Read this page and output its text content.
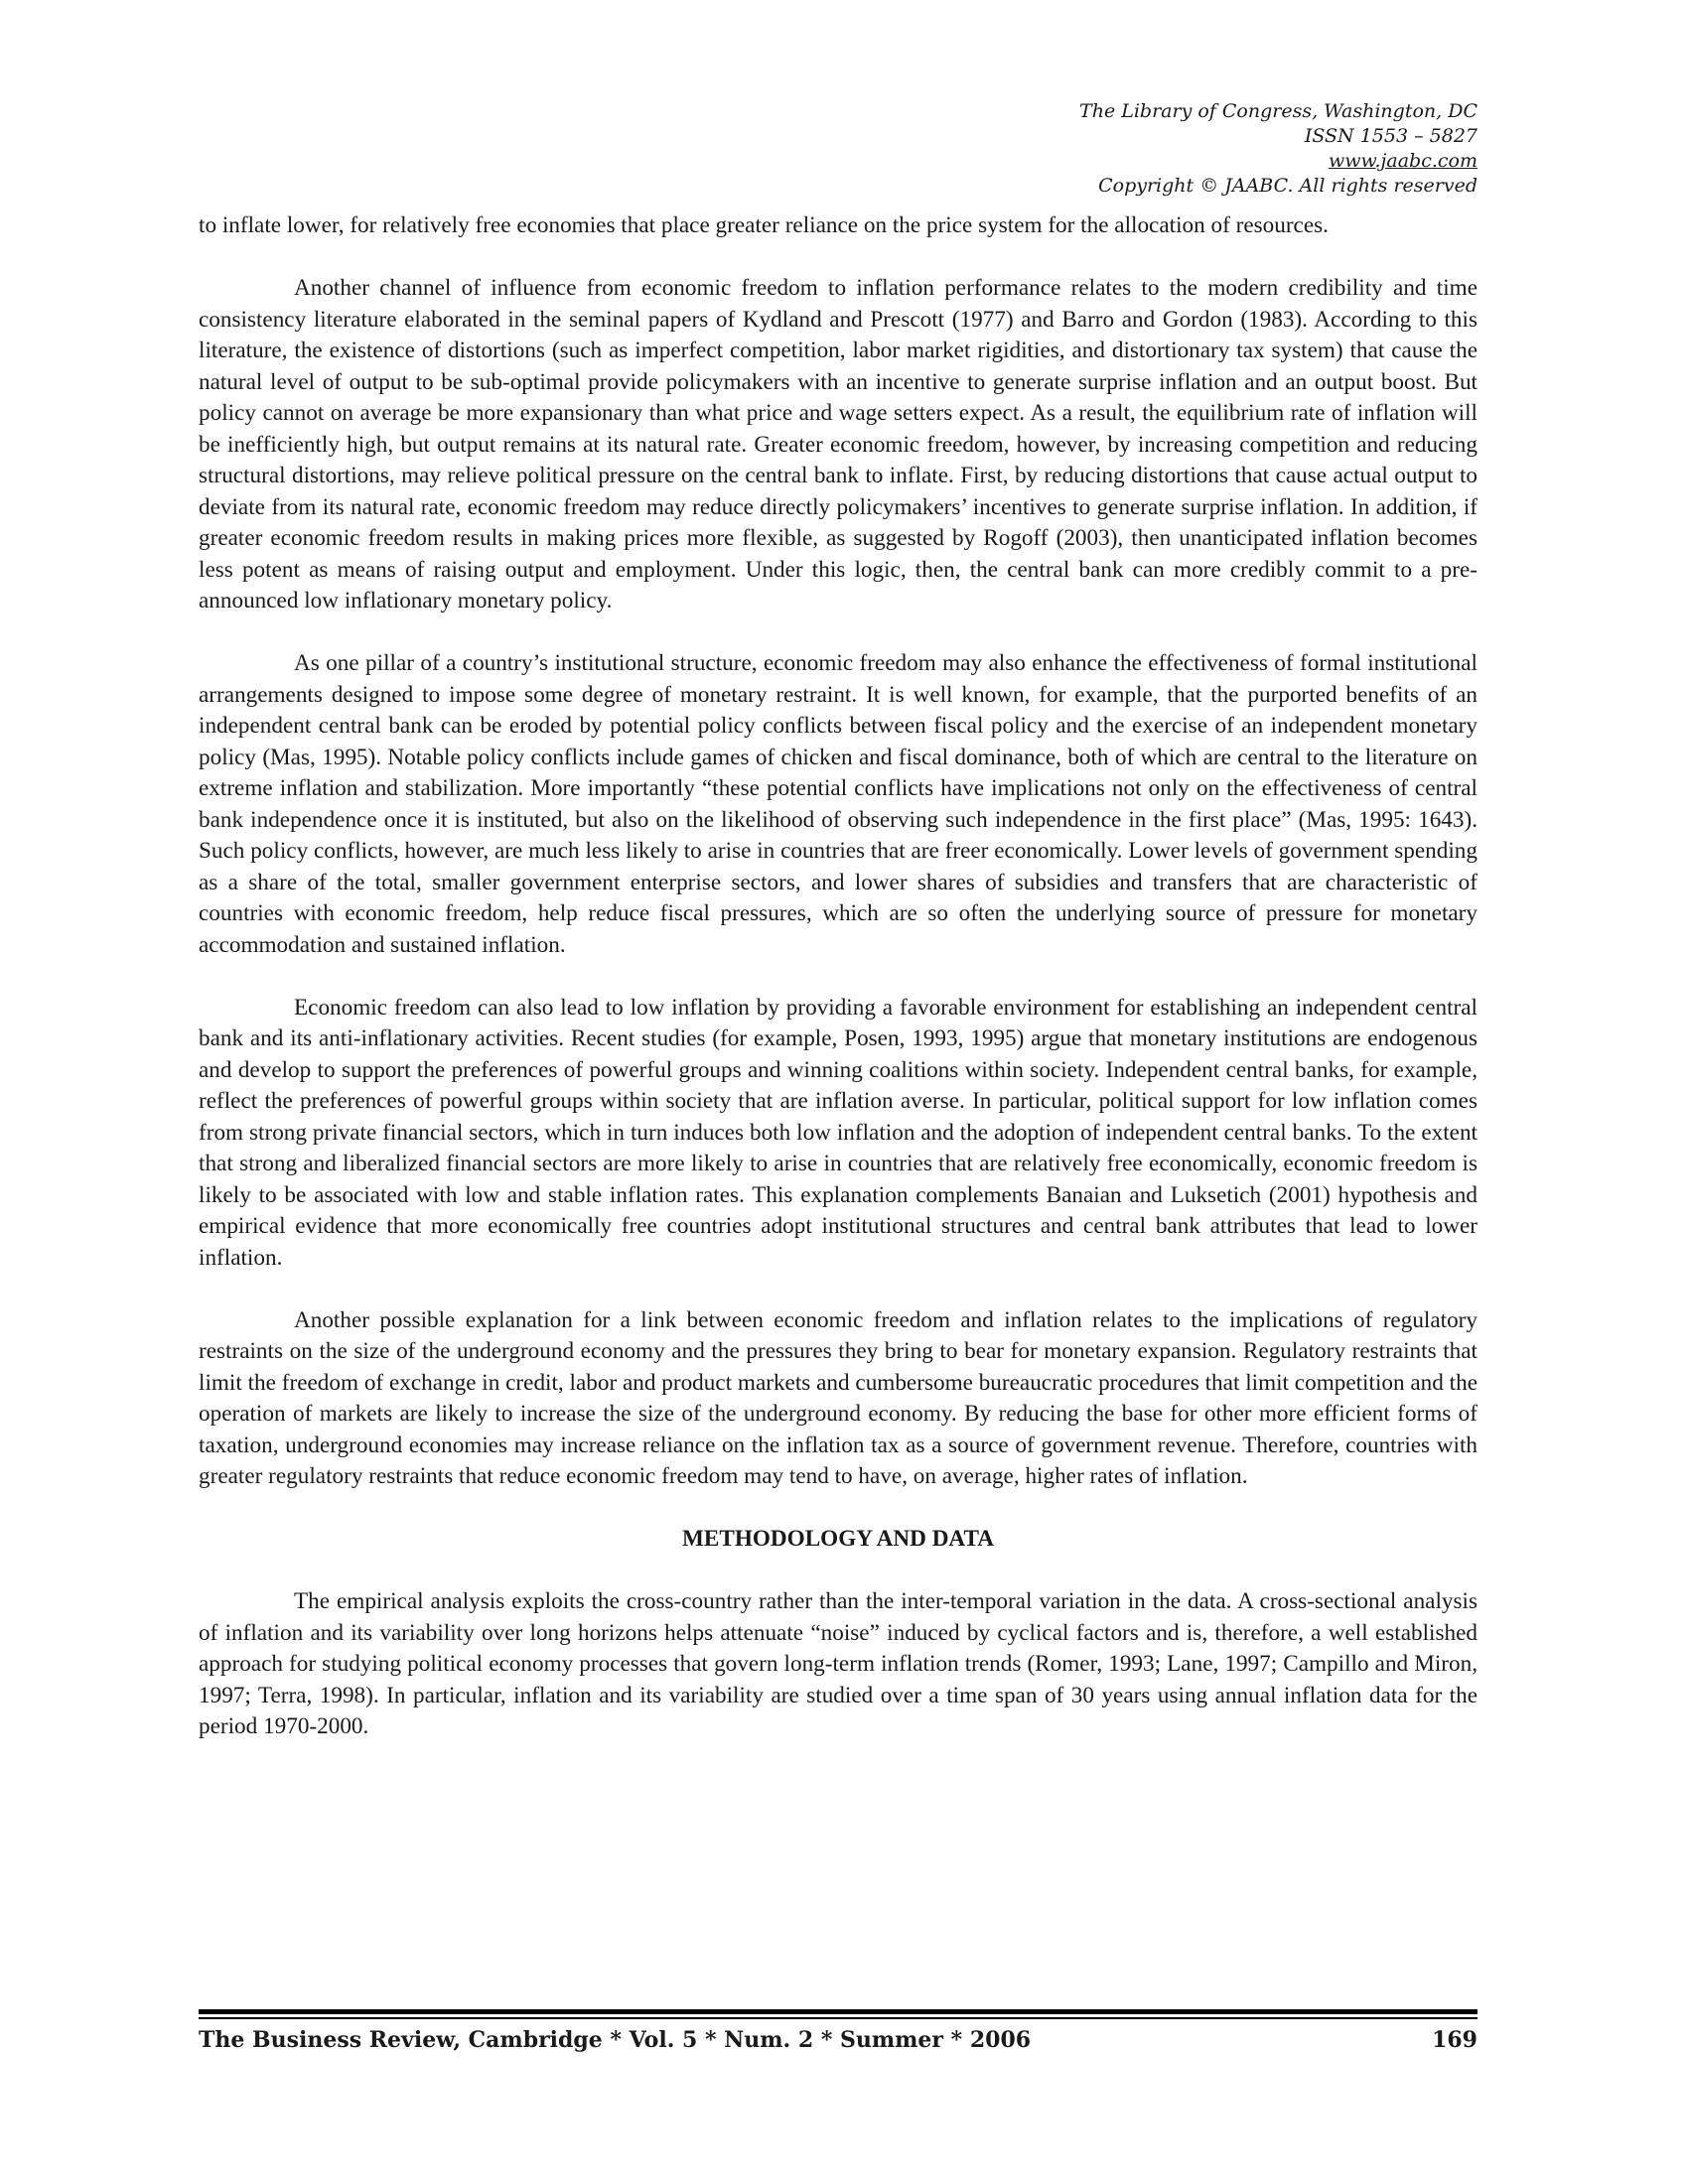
The Library of Congress, Washington, DC
ISSN 1553 – 5827
www.jaabc.com
Copyright © JAABC. All rights reserved

to inflate lower, for relatively free economies that place greater reliance on the price system for the allocation of resources.

Another channel of influence from economic freedom to inflation performance relates to the modern credibility and time consistency literature elaborated in the seminal papers of Kydland and Prescott (1977) and Barro and Gordon (1983). According to this literature, the existence of distortions (such as imperfect competition, labor market rigidities, and distortionary tax system) that cause the natural level of output to be sub-optimal provide policymakers with an incentive to generate surprise inflation and an output boost. But policy cannot on average be more expansionary than what price and wage setters expect. As a result, the equilibrium rate of inflation will be inefficiently high, but output remains at its natural rate. Greater economic freedom, however, by increasing competition and reducing structural distortions, may relieve political pressure on the central bank to inflate. First, by reducing distortions that cause actual output to deviate from its natural rate, economic freedom may reduce directly policymakers’ incentives to generate surprise inflation. In addition, if greater economic freedom results in making prices more flexible, as suggested by Rogoff (2003), then unanticipated inflation becomes less potent as means of raising output and employment. Under this logic, then, the central bank can more credibly commit to a pre-announced low inflationary monetary policy.

As one pillar of a country’s institutional structure, economic freedom may also enhance the effectiveness of formal institutional arrangements designed to impose some degree of monetary restraint. It is well known, for example, that the purported benefits of an independent central bank can be eroded by potential policy conflicts between fiscal policy and the exercise of an independent monetary policy (Mas, 1995). Notable policy conflicts include games of chicken and fiscal dominance, both of which are central to the literature on extreme inflation and stabilization. More importantly “these potential conflicts have implications not only on the effectiveness of central bank independence once it is instituted, but also on the likelihood of observing such independence in the first place” (Mas, 1995: 1643). Such policy conflicts, however, are much less likely to arise in countries that are freer economically. Lower levels of government spending as a share of the total, smaller government enterprise sectors, and lower shares of subsidies and transfers that are characteristic of countries with economic freedom, help reduce fiscal pressures, which are so often the underlying source of pressure for monetary accommodation and sustained inflation.

Economic freedom can also lead to low inflation by providing a favorable environment for establishing an independent central bank and its anti-inflationary activities. Recent studies (for example, Posen, 1993, 1995) argue that monetary institutions are endogenous and develop to support the preferences of powerful groups and winning coalitions within society. Independent central banks, for example, reflect the preferences of powerful groups within society that are inflation averse. In particular, political support for low inflation comes from strong private financial sectors, which in turn induces both low inflation and the adoption of independent central banks. To the extent that strong and liberalized financial sectors are more likely to arise in countries that are relatively free economically, economic freedom is likely to be associated with low and stable inflation rates. This explanation complements Banaian and Luksetich (2001) hypothesis and empirical evidence that more economically free countries adopt institutional structures and central bank attributes that lead to lower inflation.

Another possible explanation for a link between economic freedom and inflation relates to the implications of regulatory restraints on the size of the underground economy and the pressures they bring to bear for monetary expansion. Regulatory restraints that limit the freedom of exchange in credit, labor and product markets and cumbersome bureaucratic procedures that limit competition and the operation of markets are likely to increase the size of the underground economy. By reducing the base for other more efficient forms of taxation, underground economies may increase reliance on the inflation tax as a source of government revenue. Therefore, countries with greater regulatory restraints that reduce economic freedom may tend to have, on average, higher rates of inflation.

METHODOLOGY AND DATA

The empirical analysis exploits the cross-country rather than the inter-temporal variation in the data. A cross-sectional analysis of inflation and its variability over long horizons helps attenuate “noise” induced by cyclical factors and is, therefore, a well established approach for studying political economy processes that govern long-term inflation trends (Romer, 1993; Lane, 1997; Campillo and Miron, 1997; Terra, 1998). In particular, inflation and its variability are studied over a time span of 30 years using annual inflation data for the period 1970-2000.

The Business Review, Cambridge * Vol. 5 * Num. 2 * Summer * 2006	169
